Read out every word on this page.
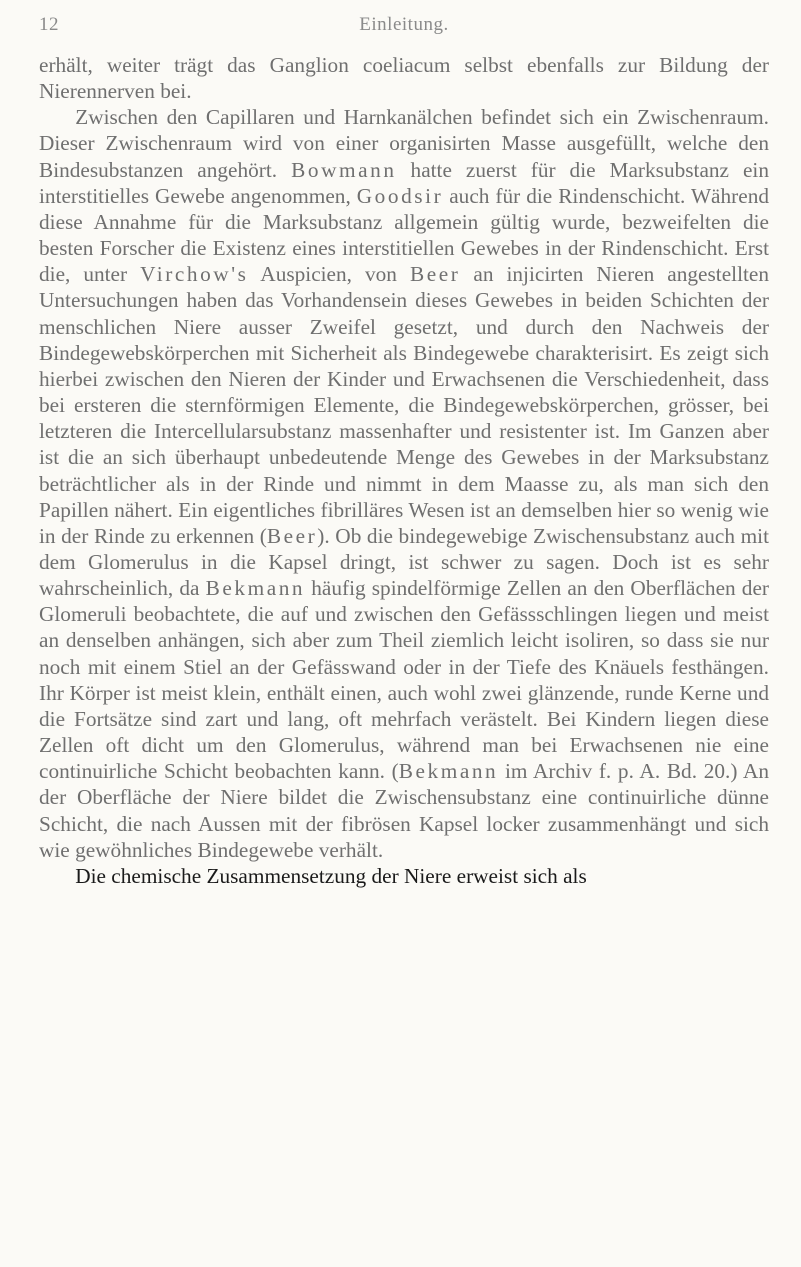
12	Einleitung.

erhält, weiter trägt das Ganglion coeliacum selbst ebenfalls zur Bildung der Nierennerven bei.

Zwischen den Capillaren und Harnkanälchen befindet sich ein Zwischenraum. Dieser Zwischenraum wird von einer organisirten Masse ausgefüllt, welche den Bindesubstanzen angehört. Bowmann hatte zuerst für die Marksubstanz ein interstitielles Gewebe angenommen, Goodsir auch für die Rindenschicht. Während diese Annahme für die Marksubstanz allgemein gültig wurde, bezweifelten die besten Forscher die Existenz eines interstitiellen Gewebes in der Rindenschicht. Erst die, unter Virchow's Auspicien, von Beer an injicirten Nieren angestellten Untersuchungen haben das Vorhandensein dieses Gewebes in beiden Schichten der menschlichen Niere ausser Zweifel gesetzt, und durch den Nachweis der Bindegewebskörperchen mit Sicherheit als Bindegewebe charakterisirt. Es zeigt sich hierbei zwischen den Nieren der Kinder und Erwachsenen die Verschiedenheit, dass bei ersteren die sternförmigen Elemente, die Bindegewebskörperchen, grösser, bei letzteren die Intercellularsubstanz massenhafter und resistenter ist. Im Ganzen aber ist die an sich überhaupt unbedeutende Menge des Gewebes in der Marksubstanz beträchtlicher als in der Rinde und nimmt in dem Maasse zu, als man sich den Papillen nähert. Ein eigentliches fibrilläres Wesen ist an demselben hier so wenig wie in der Rinde zu erkennen (Beer). Ob die bindegewebige Zwischensubstanz auch mit dem Glomerulus in die Kapsel dringt, ist schwer zu sagen. Doch ist es sehr wahrscheinlich, da Bekmann häufig spindelförmige Zellen an den Oberflächen der Glomeruli beobachtete, die auf und zwischen den Gefässschlingen liegen und meist an denselben anhängen, sich aber zum Theil ziemlich leicht isoliren, so dass sie nur noch mit einem Stiel an der Gefässwand oder in der Tiefe des Knäuels festhängen. Ihr Körper ist meist klein, enthält einen, auch wohl zwei glänzende, runde Kerne und die Fortsätze sind zart und lang, oft mehrfach verästelt. Bei Kindern liegen diese Zellen oft dicht um den Glomerulus, während man bei Erwachsenen nie eine continuirliche Schicht beobachten kann. (Bekmann im Archiv f. p. A. Bd. 20.) An der Oberfläche der Niere bildet die Zwischensubstanz eine continuirliche dünne Schicht, die nach Aussen mit der fibrösen Kapsel locker zusammenhängt und sich wie gewöhnliches Bindegewebe verhält.

Die chemische Zusammensetzung der Niere erweist sich als
